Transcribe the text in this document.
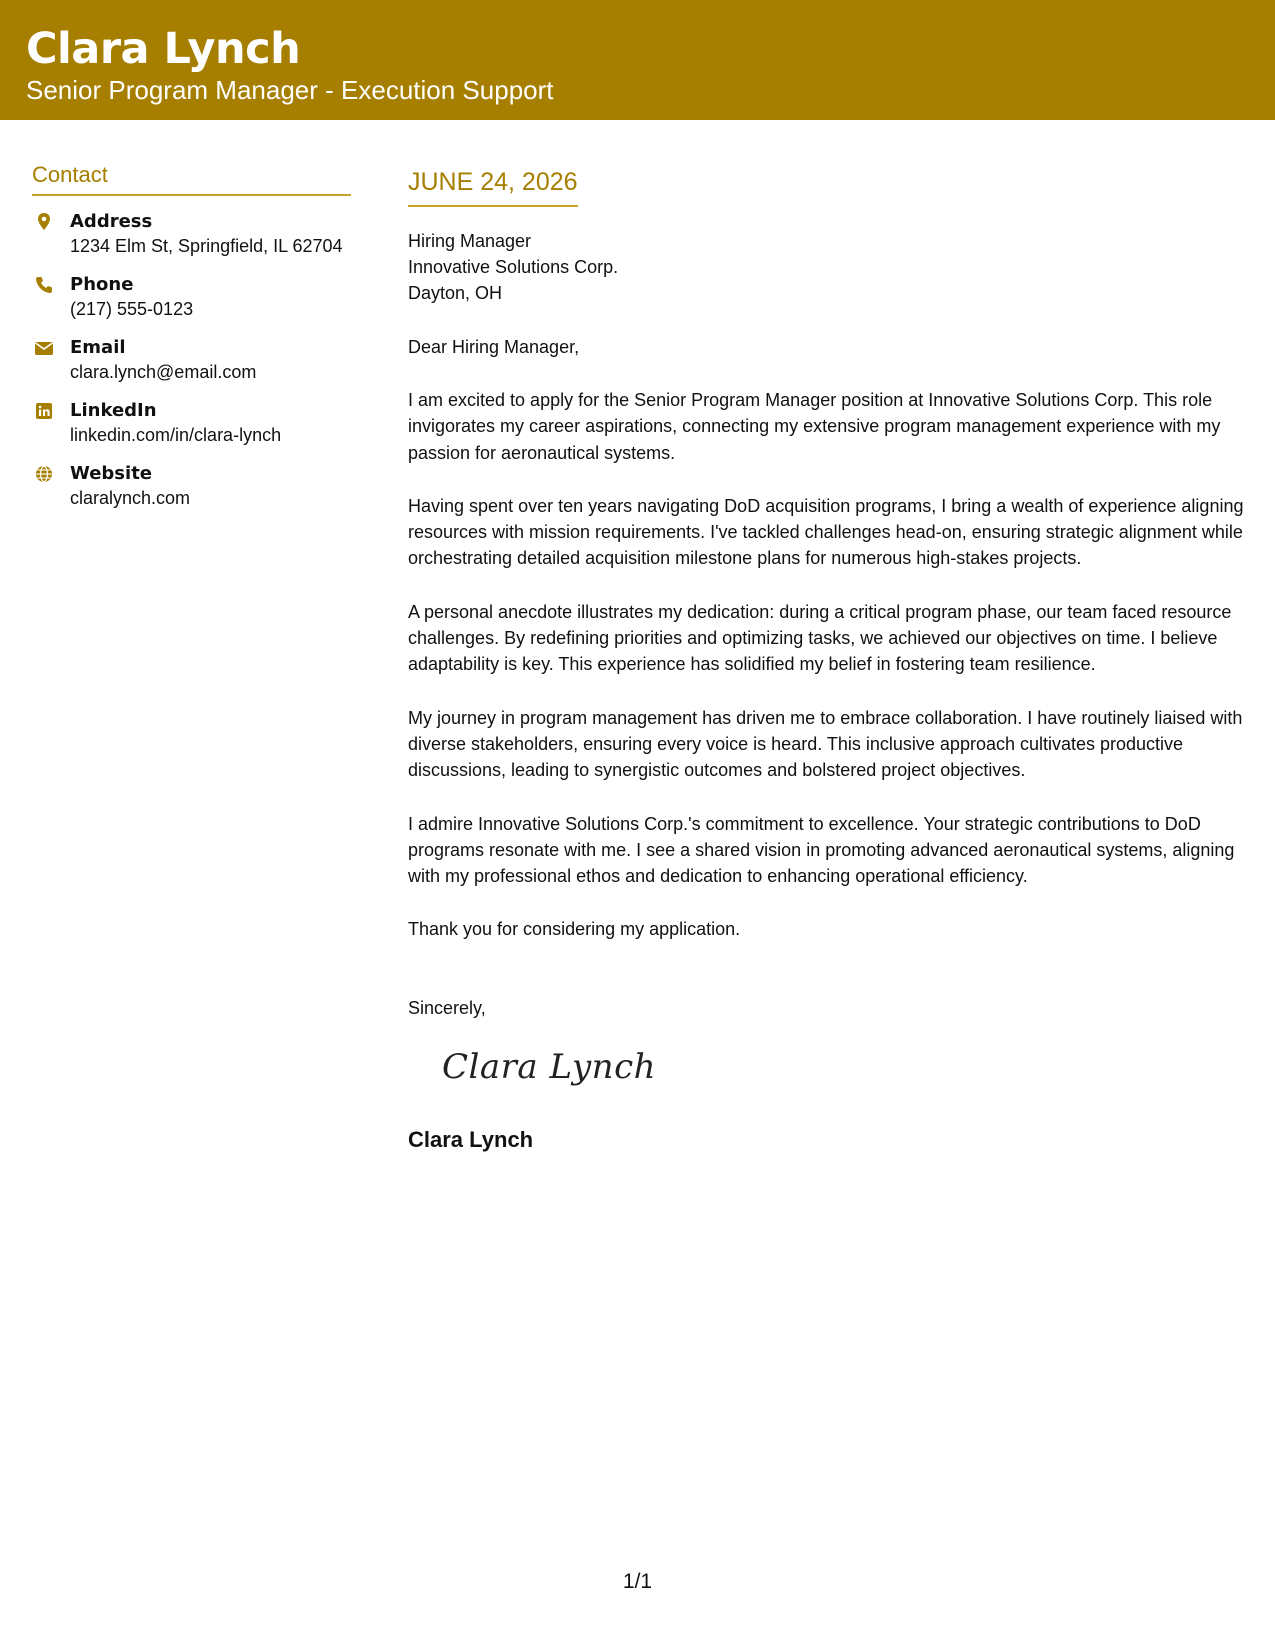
Clara Lynch
Senior Program Manager - Execution Support
Contact
Address
1234 Elm St, Springfield, IL 62704
Phone
(217) 555-0123
Email
clara.lynch@email.com
LinkedIn
linkedin.com/in/clara-lynch
Website
claralynch.com
JUNE 24, 2026
Hiring Manager
Innovative Solutions Corp.
Dayton, OH
Dear Hiring Manager,
I am excited to apply for the Senior Program Manager position at Innovative Solutions Corp. This role invigorates my career aspirations, connecting my extensive program management experience with my passion for aeronautical systems.
Having spent over ten years navigating DoD acquisition programs, I bring a wealth of experience aligning resources with mission requirements. I've tackled challenges head-on, ensuring strategic alignment while orchestrating detailed acquisition milestone plans for numerous high-stakes projects.
A personal anecdote illustrates my dedication: during a critical program phase, our team faced resource challenges. By redefining priorities and optimizing tasks, we achieved our objectives on time. I believe adaptability is key. This experience has solidified my belief in fostering team resilience.
My journey in program management has driven me to embrace collaboration. I have routinely liaised with diverse stakeholders, ensuring every voice is heard. This inclusive approach cultivates productive discussions, leading to synergistic outcomes and bolstered project objectives.
I admire Innovative Solutions Corp.'s commitment to excellence. Your strategic contributions to DoD programs resonate with me. I see a shared vision in promoting advanced aeronautical systems, aligning with my professional ethos and dedication to enhancing operational efficiency.
Thank you for considering my application.
Sincerely,
Clara Lynch
Clara Lynch
1/1
